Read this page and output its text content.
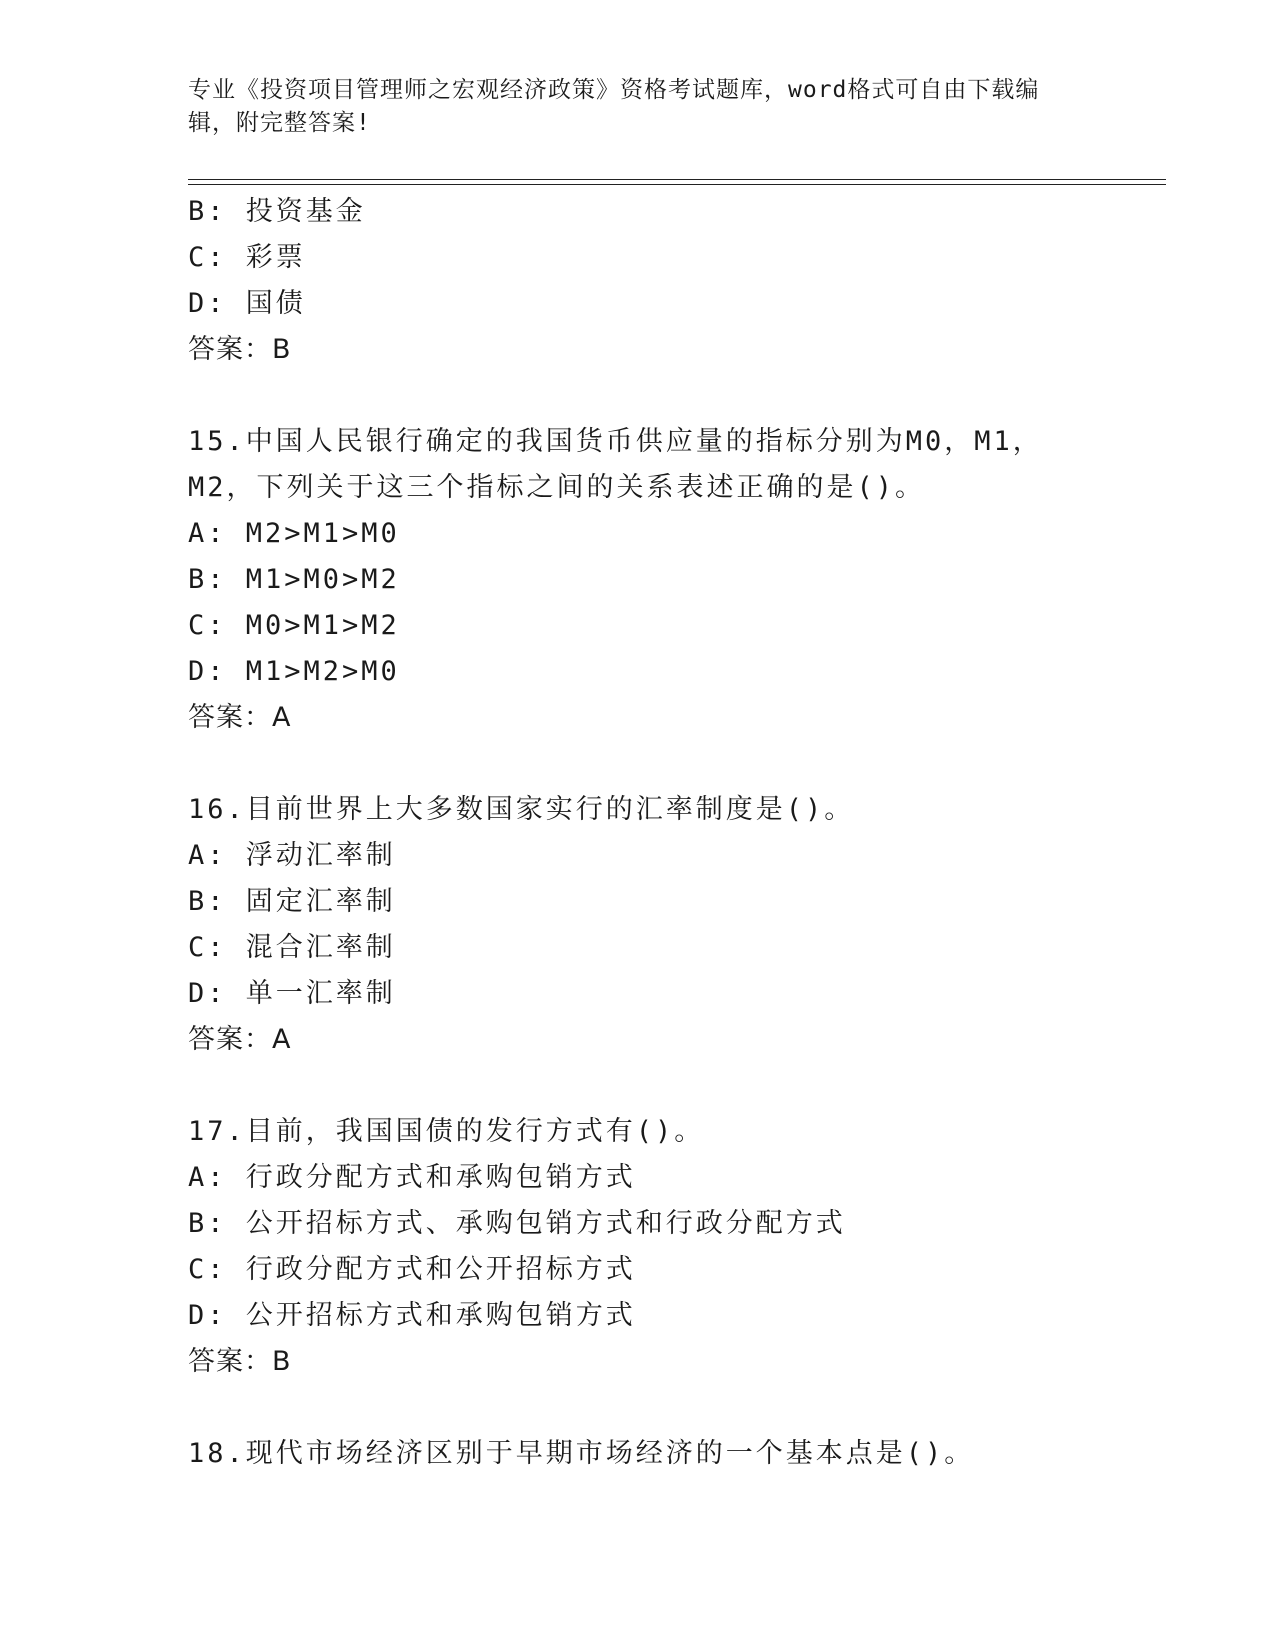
专业《投资项目管理师之宏观经济政策》资格考试题库，word格式可自由下载编辑，附完整答案!
B: 投资基金
C: 彩票
D: 国债
答案：B
15.中国人民银行确定的我国货币供应量的指标分别为M0，M1，M2，下列关于这三个指标之间的关系表述正确的是()。
A: M2>M1>M0
B: M1>M0>M2
C: M0>M1>M2
D: M1>M2>M0
答案：A
16.目前世界上大多数国家实行的汇率制度是()。
A: 浮动汇率制
B: 固定汇率制
C: 混合汇率制
D: 单一汇率制
答案：A
17.目前，我国国债的发行方式有()。
A: 行政分配方式和承购包销方式
B: 公开招标方式、承购包销方式和行政分配方式
C: 行政分配方式和公开招标方式
D: 公开招标方式和承购包销方式
答案：B
18.现代市场经济区别于早期市场经济的一个基本点是()。
